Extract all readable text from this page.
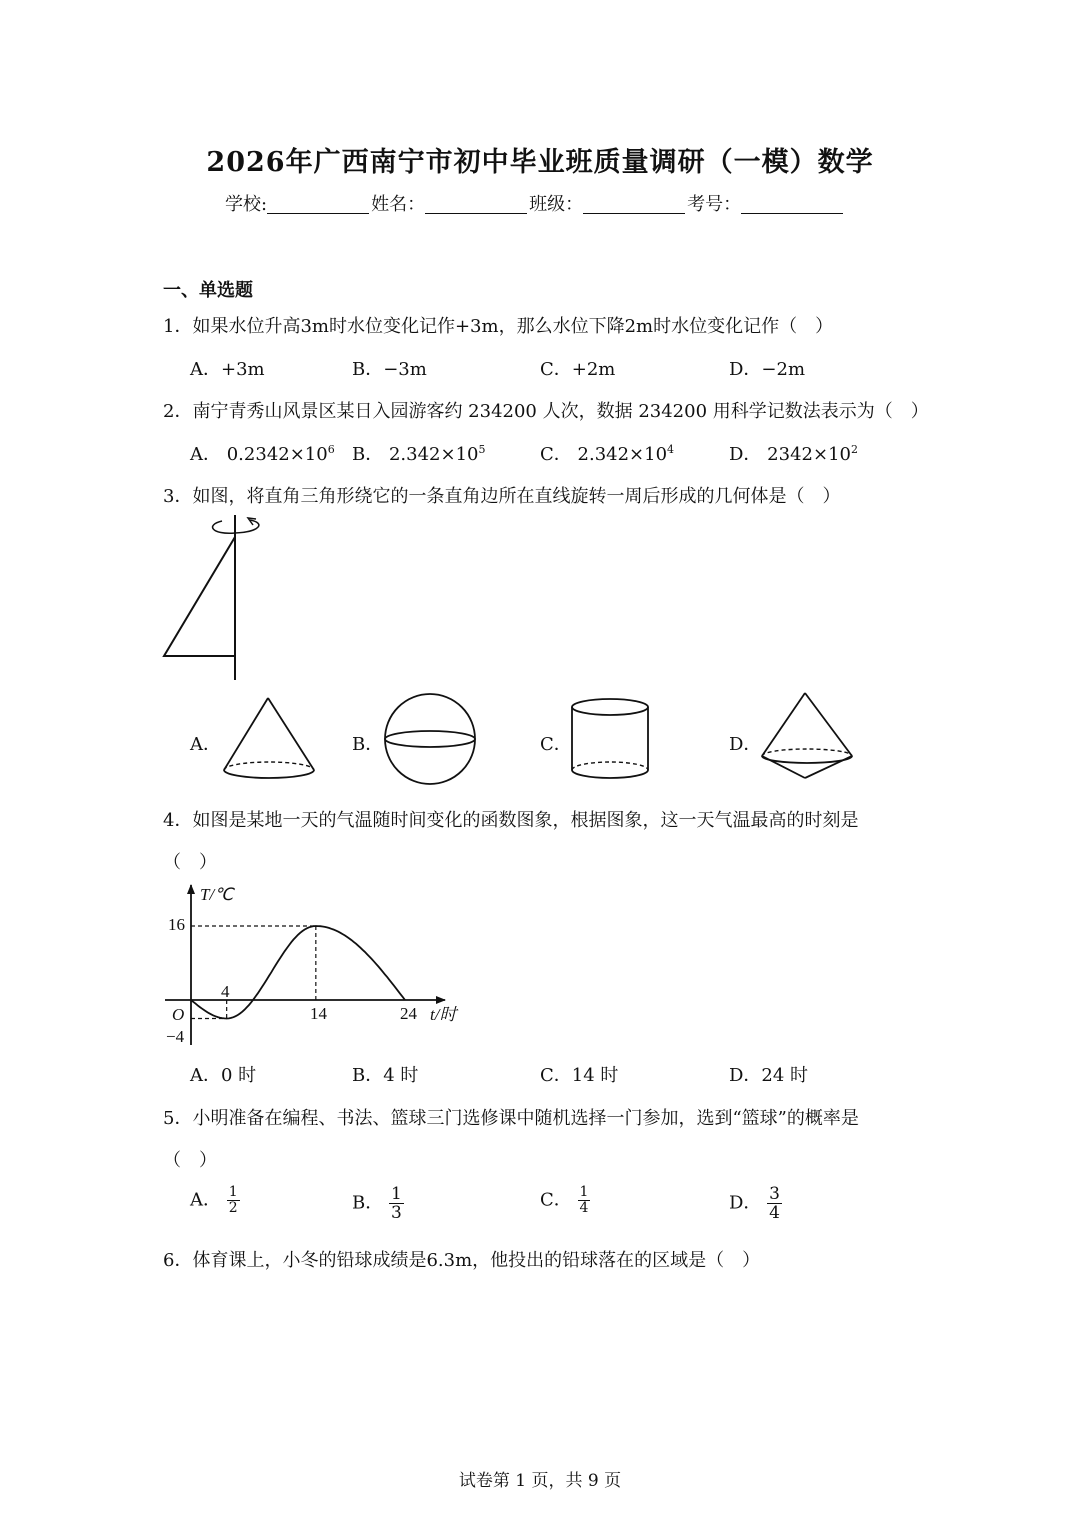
2026年广西南宁市初中毕业班质量调研（一模）数学
学校:	姓名：	班级：	考号：
一、单选题
1．如果水位升高3m时水位变化记作+3m，那么水位下降2m时水位变化记作（　）
A．+3m	B．−3m	C．+2m	D．−2m
2．南宁青秀山风景区某日入园游客约 234200 人次，数据 234200 用科学记数法表示为（　）
A． $0.2342\times 10^6$ B． $2.342\times 10^5$	C． $2.342\times 10^4$	D． $2342\times 10^2$
3．如图，将直角三角形绕它的一条直角边所在直线旋转一周后形成的几何体是（　）
A．	B．	C．	D．
4．如图是某地一天的气温随时间变化的函数图象，根据图象，这一天气温最高的时刻是
（　）
T/℃
t/时
O
16
−4
4
14	24
A．0 时	B．4 时	C．14 时	D．24 时
5．小明准备在编程、书法、篮球三门选修课中随机选择一门参加，选到“篮球”的概率是
（　）
A． $\frac{1}{2}$	B． $\frac{1}{3}$	C． $\frac{1}{4}$	D． $\frac{3}{4}$
6．体育课上，小冬的铅球成绩是6.3m，他投出的铅球落在的区域是（　）
试卷第 1 页，共 9 页
